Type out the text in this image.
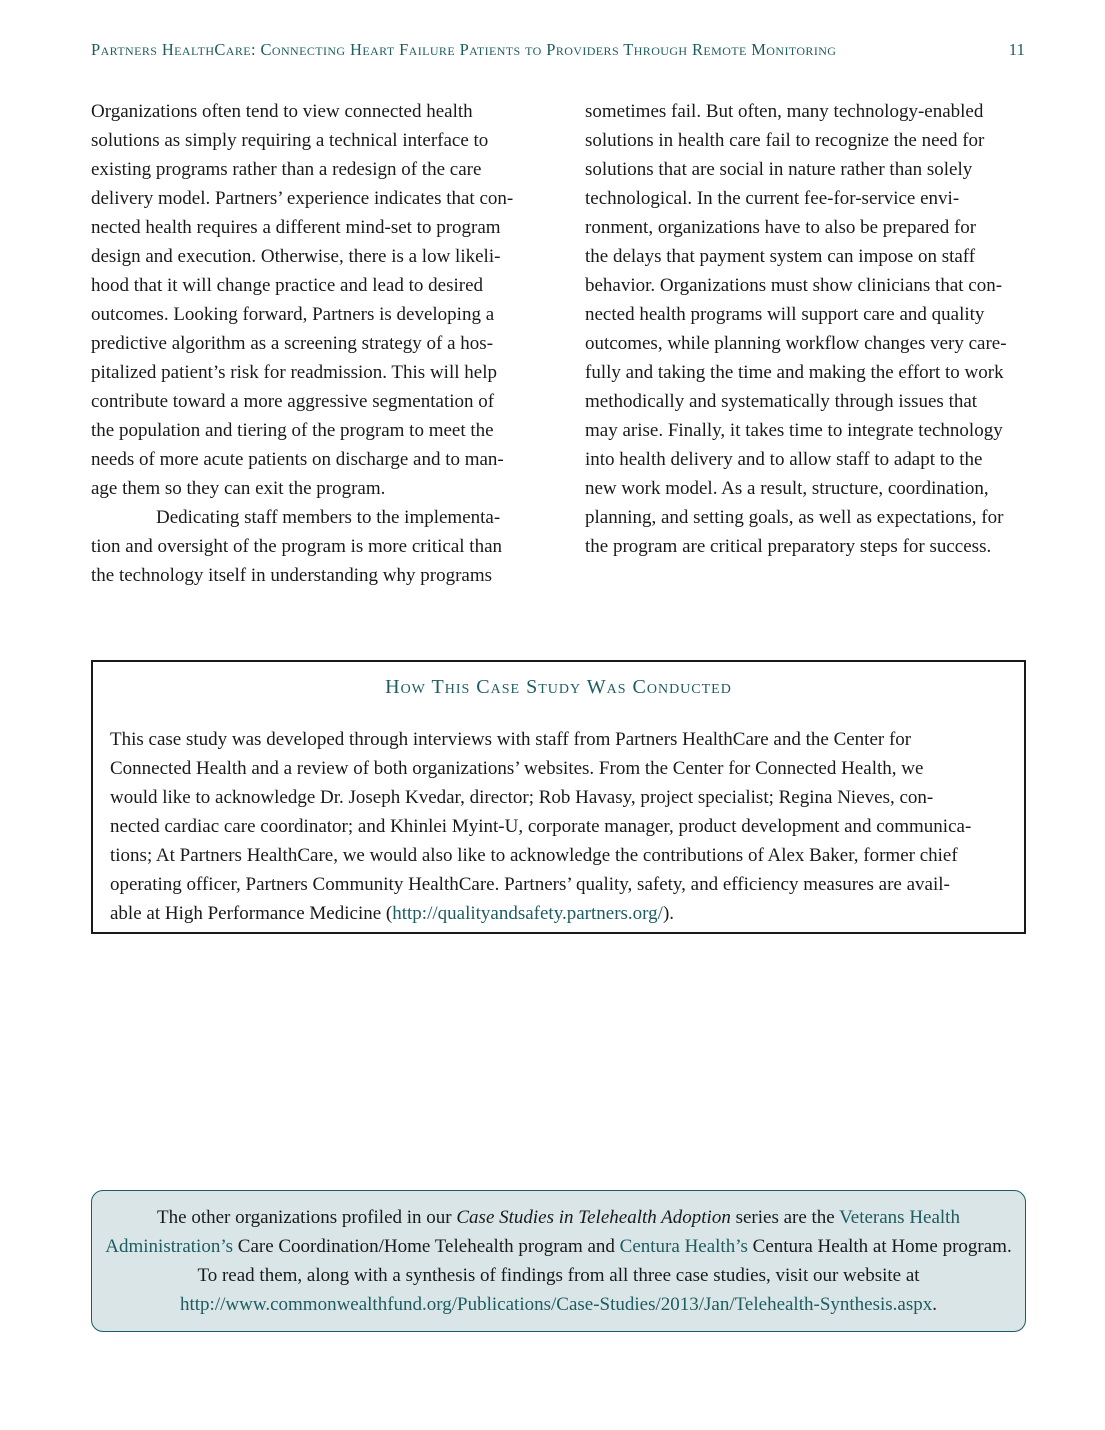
Partners HealthCare: Connecting Heart Failure Patients to Providers Through Remote Monitoring	11

Organizations often tend to view connected health
solutions as simply requiring a technical interface to
existing programs rather than a redesign of the care
delivery model. Partners’ experience indicates that con-
nected health requires a different mind-set to program
design and execution. Otherwise, there is a low likeli-
hood that it will change practice and lead to desired
outcomes. Looking forward, Partners is developing a
predictive algorithm as a screening strategy of a hos-
pitalized patient’s risk for readmission. This will help
contribute toward a more aggressive segmentation of
the population and tiering of the program to meet the
needs of more acute patients on discharge and to man-
age them so they can exit the program.

Dedicating staff members to the implementa-

tion and oversight of the program is more critical than
the technology itself in understanding why programs

sometimes fail. But often, many technology-enabled
solutions in health care fail to recognize the need for
solutions that are social in nature rather than solely
technological. In the current fee-for-service envi-
ronment, organizations have to also be prepared for
the delays that payment system can impose on staff
behavior. Organizations must show clinicians that con-
nected health programs will support care and quality
outcomes, while planning workflow changes very care-
fully and taking the time and making the effort to work
methodically and systematically through issues that
may arise. Finally, it takes time to integrate technology
into health delivery and to allow staff to adapt to the
new work model. As a result, structure, coordination,
planning, and setting goals, as well as expectations, for
the program are critical preparatory steps for success.

How This Case Study Was Conducted
This case study was developed through interviews with staff from Partners HealthCare and the Center for
Connected Health and a review of both organizations’ websites. From the Center for Connected Health, we
would like to acknowledge Dr. Joseph Kvedar, director; Rob Havasy, project specialist; Regina Nieves, con-
nected cardiac care coordinator; and Khinlei Myint-U, corporate manager, product development and communica-
tions; At Partners HealthCare, we would also like to acknowledge the contributions of Alex Baker, former chief
operating officer, Partners Community HealthCare. Partners’ quality, safety, and efficiency measures are avail-
able at High Performance Medicine (http://qualityandsafety.partners.org/).
The other organizations profiled in our Case Studies in Telehealth Adoption series are the Veterans Health Administration’s Care Coordination/Home Telehealth program and Centura Health’s Centura Health at Home program. To read them, along with a synthesis of findings from all three case studies, visit our website at
http://www.commonwealthfund.org/Publications/Case-Studies/2013/Jan/Telehealth-Synthesis.aspx.
